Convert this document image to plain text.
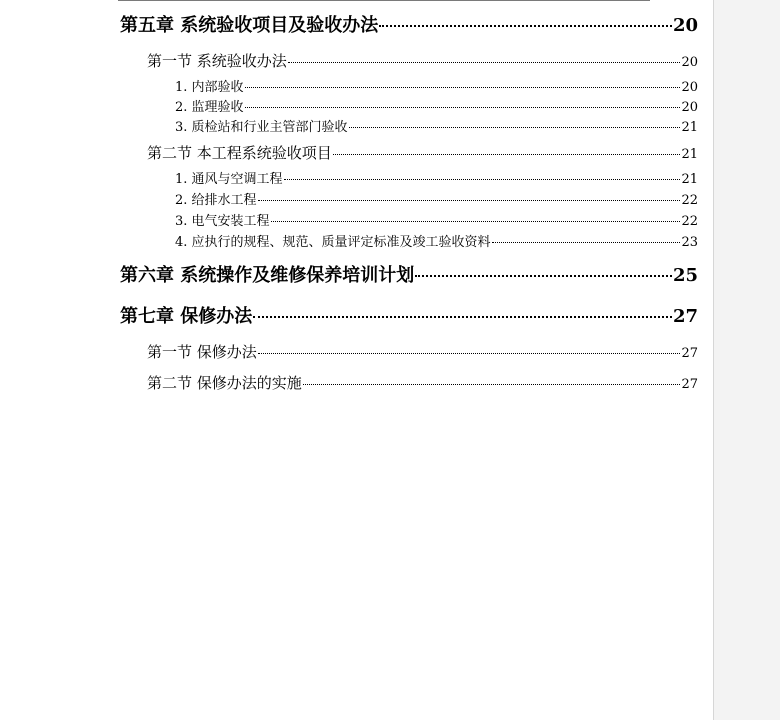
第五章 系统验收项目及验收办法	20
第一节 系统验收办法	20
1. 内部验收	20
2. 监理验收	20
3. 质检站和行业主管部门验收	21
第二节 本工程系统验收项目	21
1. 通风与空调工程	21
2. 给排水工程	22
3. 电气安装工程	22
4. 应执行的规程、规范、质量评定标准及竣工验收资料	23
第六章 系统操作及维修保养培训计划	25
第七章 保修办法	27
第一节 保修办法	27
第二节 保修办法的实施	27
